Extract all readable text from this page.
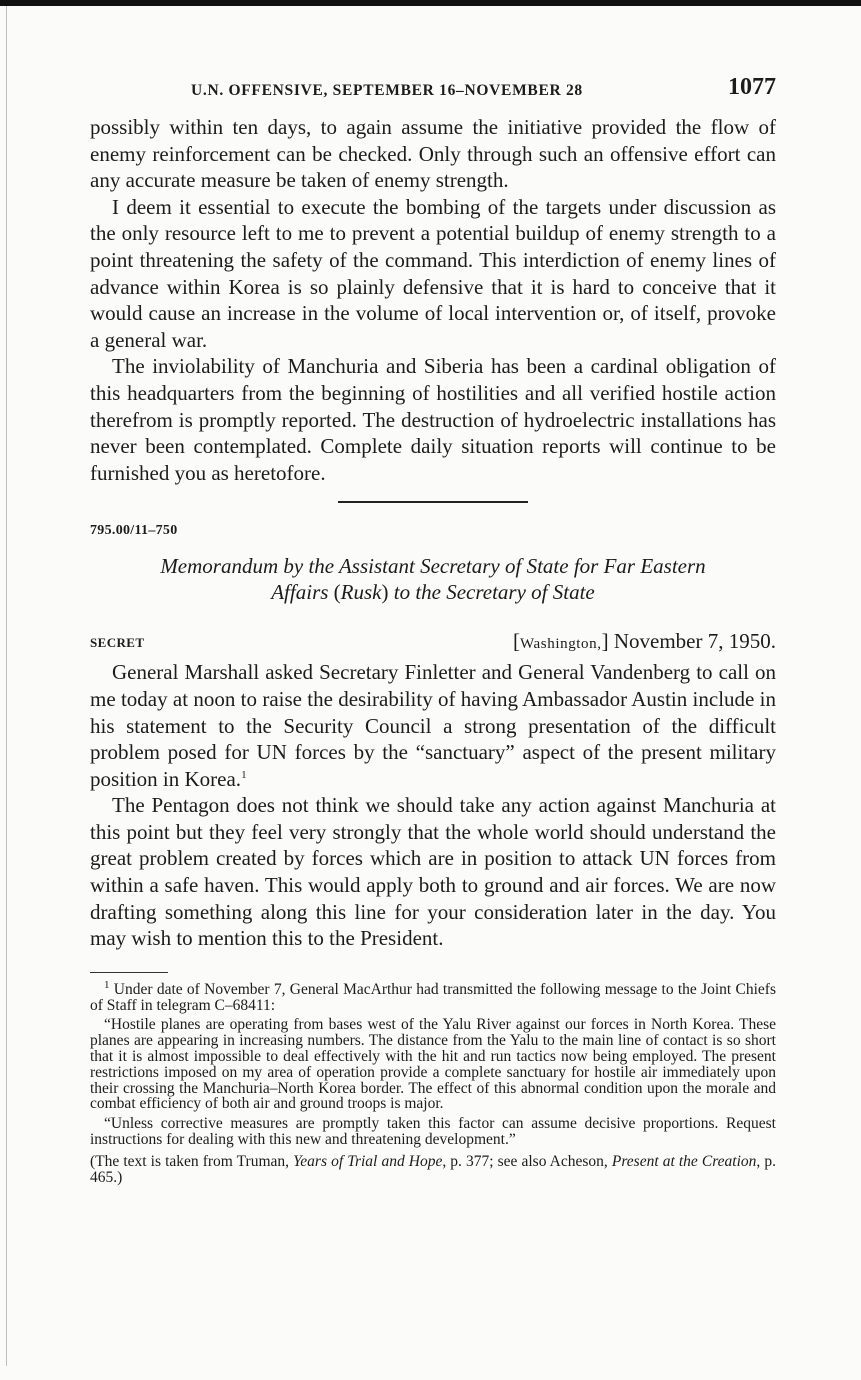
U.N. OFFENSIVE, SEPTEMBER 16–NOVEMBER 28	1077

possibly within ten days, to again assume the initiative provided the flow of enemy reinforcement can be checked. Only through such an offensive effort can any accurate measure be taken of enemy strength.

I deem it essential to execute the bombing of the targets under discussion as the only resource left to me to prevent a potential buildup of enemy strength to a point threatening the safety of the command. This interdiction of enemy lines of advance within Korea is so plainly defensive that it is hard to conceive that it would cause an increase in the volume of local intervention or, of itself, provoke a general war.

The inviolability of Manchuria and Siberia has been a cardinal obligation of this headquarters from the beginning of hostilities and all verified hostile action therefrom is promptly reported. The destruction of hydroelectric installations has never been contemplated. Complete daily situation reports will continue to be furnished you as heretofore.

795.00/11–750
Memorandum by the Assistant Secretary of State for Far Eastern
Affairs (Rusk) to the Secretary of State
SECRET	[Washington,] November 7, 1950.

General Marshall asked Secretary Finletter and General Vandenberg to call on me today at noon to raise the desirability of having Ambassador Austin include in his statement to the Security Council a strong presentation of the difficult problem posed for UN forces by the “sanctuary” aspect of the present military position in Korea.$^1$

The Pentagon does not think we should take any action against Manchuria at this point but they feel very strongly that the whole world should understand the great problem created by forces which are in position to attack UN forces from within a safe haven. This would apply both to ground and air forces. We are now drafting something along this line for your consideration later in the day. You may wish to mention this to the President.

$^1$ Under date of November 7, General MacArthur had transmitted the following message to the Joint Chiefs of Staff in telegram C–68411:

“Hostile planes are operating from bases west of the Yalu River against our forces in North Korea. These planes are appearing in increasing numbers. The distance from the Yalu to the main line of contact is so short that it is almost impossible to deal effectively with the hit and run tactics now being employed. The present restrictions imposed on my area of operation provide a complete sanctuary for hostile air immediately upon their crossing the Manchuria–North Korea border. The effect of this abnormal condition upon the morale and combat efficiency of both air and ground troops is major.

“Unless corrective measures are promptly taken this factor can assume decisive proportions. Request instructions for dealing with this new and threatening development.”

(The text is taken from Truman, Years of Trial and Hope, p. 377; see also Acheson, Present at the Creation, p. 465.)
